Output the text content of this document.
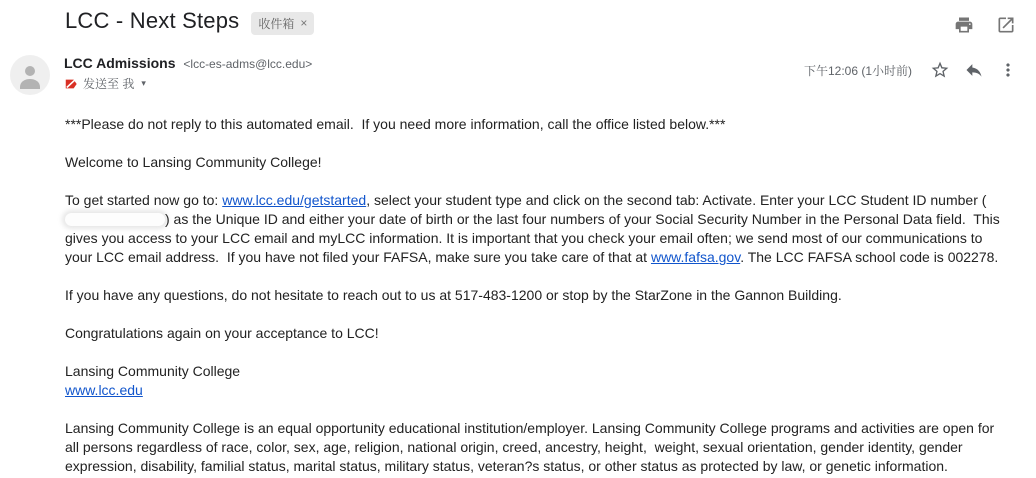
LCC - Next Steps 收件箱 ×
LCC Admissions <lcc-es-adms@lcc.edu>
发送至 我 ▾
下午12:06 (1小时前)
***Please do not reply to this automated email.  If you need more information, call the office listed below.***
Welcome to Lansing Community College!
To get started now go to: www.lcc.edu/getstarted, select your student type and click on the second tab: Activate. Enter your LCC Student ID number () as the Unique ID and either your date of birth or the last four numbers of your Social Security Number in the Personal Data field.  This gives you access to your LCC email and myLCC information. It is important that you check your email often; we send most of our communications to your LCC email address.  If you have not filed your FAFSA, make sure you take care of that at www.fafsa.gov. The LCC FAFSA school code is 002278.
If you have any questions, do not hesitate to reach out to us at 517-483-1200 or stop by the StarZone in the Gannon Building.
Congratulations again on your acceptance to LCC!
Lansing Community College
www.lcc.edu
Lansing Community College is an equal opportunity educational institution/employer. Lansing Community College programs and activities are open for all persons regardless of race, color, sex, age, religion, national origin, creed, ancestry, height,  weight, sexual orientation, gender identity, gender expression, disability, familial status, marital status, military status, veteran?s status, or other status as protected by law, or genetic information.
